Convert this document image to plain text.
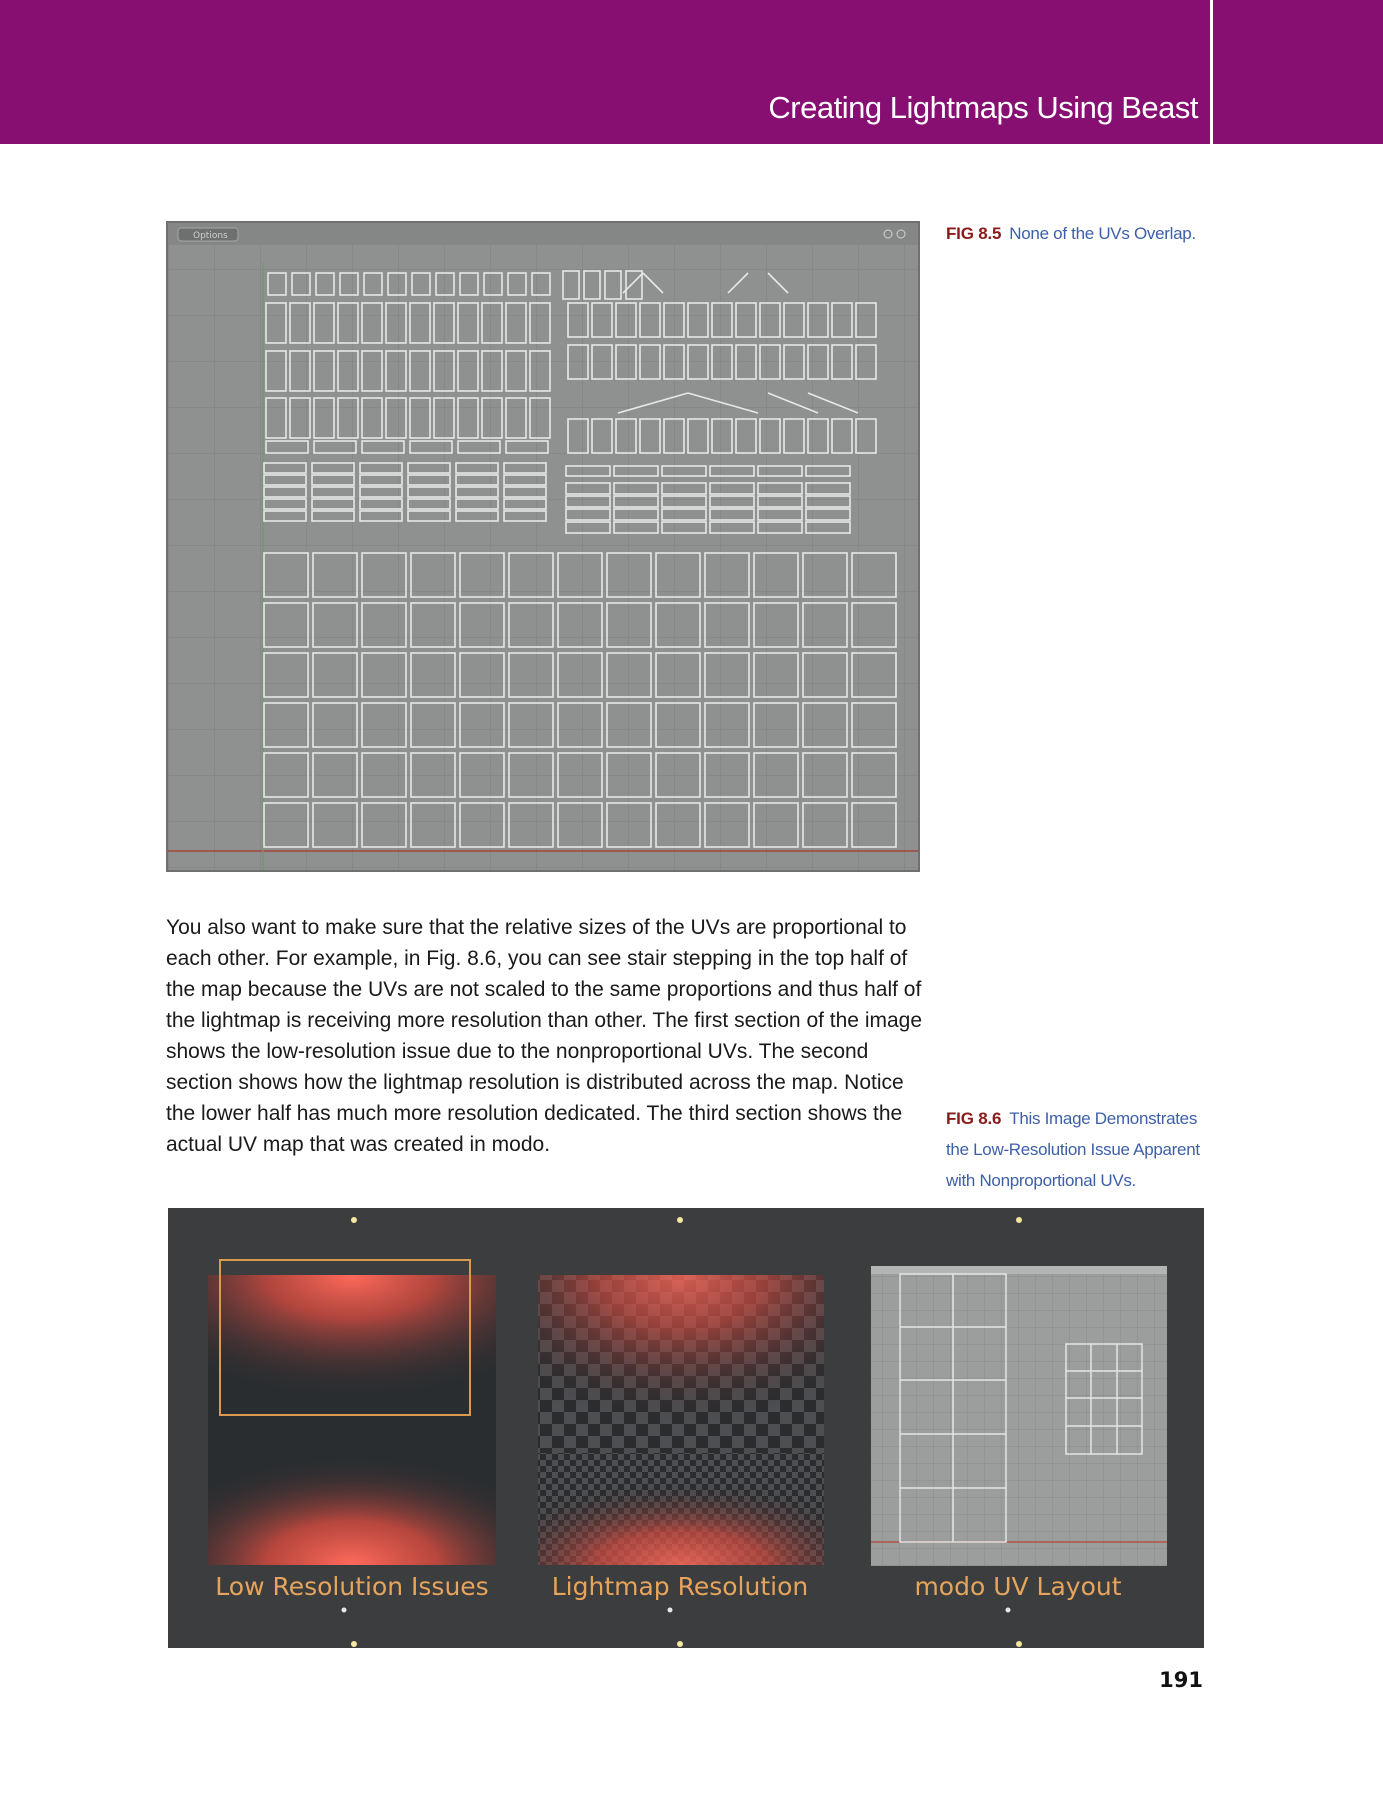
Creating Lightmaps Using Beast
Options	FIG 8.5 None of the UVs Overlap.
You also want to make sure that the relative sizes of the UVs are proportional to each other. For example, in Fig. 8.6, you can see stair stepping in the top half of the map because the UVs are not scaled to the same proportions and thus half of the lightmap is receiving more resolution than other. The first section of the image shows the low-resolution issue due to the nonproportional UVs. The second section shows how the lightmap resolution is distributed across the map. Notice the lower half has much more resolution dedicated. The third section shows the actual UV map that was created in modo.
FIG 8.6 This Image Demonstrates the Low-Resolution Issue Apparent with Nonproportional UVs.
Low Resolution Issues	Lightmap Resolution	modo UV Layout
191
